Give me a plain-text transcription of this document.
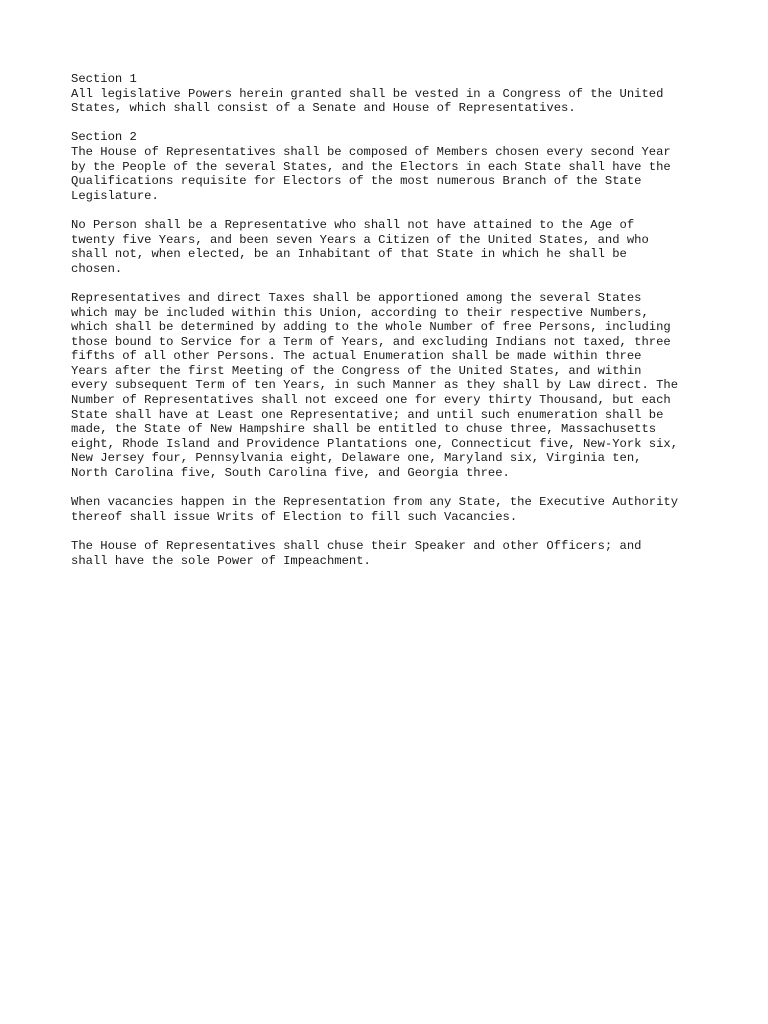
Section 1
All legislative Powers herein granted shall be vested in a Congress of the United
States, which shall consist of a Senate and House of Representatives.
Section 2
The House of Representatives shall be composed of Members chosen every second Year
by the People of the several States, and the Electors in each State shall have the
Qualifications requisite for Electors of the most numerous Branch of the State
Legislature.
No Person shall be a Representative who shall not have attained to the Age of
twenty five Years, and been seven Years a Citizen of the United States, and who
shall not, when elected, be an Inhabitant of that State in which he shall be
chosen.
Representatives and direct Taxes shall be apportioned among the several States
which may be included within this Union, according to their respective Numbers,
which shall be determined by adding to the whole Number of free Persons, including
those bound to Service for a Term of Years, and excluding Indians not taxed, three
fifths of all other Persons. The actual Enumeration shall be made within three
Years after the first Meeting of the Congress of the United States, and within
every subsequent Term of ten Years, in such Manner as they shall by Law direct. The
Number of Representatives shall not exceed one for every thirty Thousand, but each
State shall have at Least one Representative; and until such enumeration shall be
made, the State of New Hampshire shall be entitled to chuse three, Massachusetts
eight, Rhode Island and Providence Plantations one, Connecticut five, New-York six,
New Jersey four, Pennsylvania eight, Delaware one, Maryland six, Virginia ten,
North Carolina five, South Carolina five, and Georgia three.
When vacancies happen in the Representation from any State, the Executive Authority
thereof shall issue Writs of Election to fill such Vacancies.
The House of Representatives shall chuse their Speaker and other Officers; and
shall have the sole Power of Impeachment.
